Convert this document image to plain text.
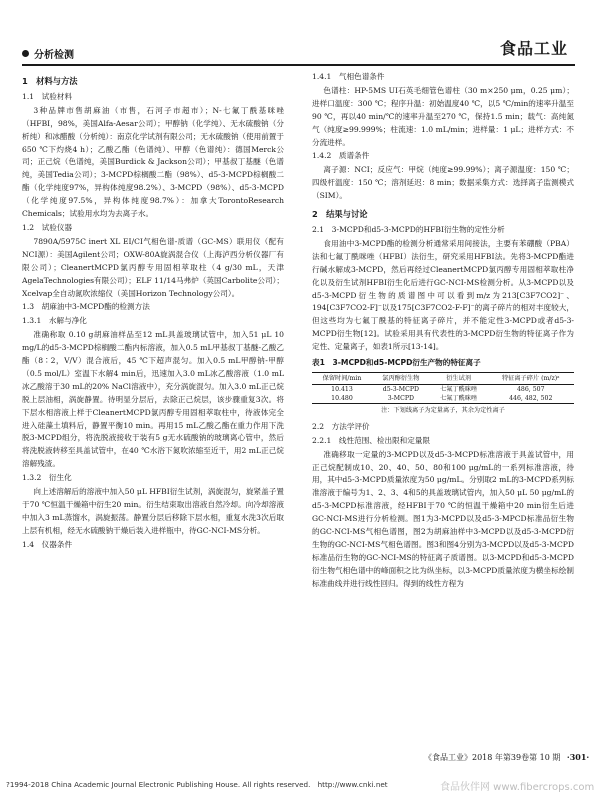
分析检测	食品工业
1　材料与方法
1.1　试验材料
3种品牌市售胡麻油（市售，石河子市超市）；N-七氟丁酰基咪唑（HFBI，98%，美国Alfa-Aesar公司）；甲醇钠（化学纯）、无水硫酸钠（分析纯）和冰醋酸（分析纯）：南京化学试剂有限公司；无水硫酸钠（使用前置于650 ℃下灼烧4 h）；乙酸乙酯（色谱纯）、甲醇（色谱纯）：德国Merck公司；正己烷（色谱纯，美国Burdick & Jackson公司）；甲基叔丁基醚（色谱纯，美国Tedia公司）；3-MCPD棕榈酸二酯（98%）、d5-3-MCPD棕榈酸二酯（化学纯度97%，异构体纯度98.2%）、3-MCPD（98%）、d5-3-MCPD（化学纯度97.5%，异构体纯度98.7%）：加拿大TorontoResearch Chemicals；试验用水均为去离子水。
1.2　试验仪器
7890A/5975C inert XL EI/CI气相色谱-质谱（GC-MS）联用仪（配有NCI源）：美国Agilent公司；OXW-80A旋涡混合仪（上海泸西分析仪器厂有限公司）；CleanertMCPD氯丙醇专用固相萃取柱（4 g/30 mL，天津AgelaTechnologies有限公司）；ELF 11/14马弗炉（英国Carbolite公司）；Xcelvap全自动氮吹浓缩仪（美国Horizon Technology公司）。
1.3　胡麻油中3-MCPD酯的检测方法
1.3.1　水解与净化
准确称取 0.10 g胡麻油样品至12 mL具盖玻璃试管中，加入51 μL 10 mg/L的d5-3-MCPD棕榈酸二酯内标溶液，加入0.5 mL甲基叔丁基醚-乙酸乙酯（8∶2，V/V）混合液后，45 ℃下超声混匀。加入0.5 mL甲醇钠-甲醇（0.5 mol/L）室温下水解4 min后，迅速加入3.0 mL冰乙酸溶液（1.0 mL冰乙酸溶于30 mL的20% NaCl溶液中），充分涡旋混匀。加入3.0 mL正己烷脱上层油相，涡旋静置。待明显分层后，去除正己烷层，该步骤重复3次。将下层水相溶液上样于CleanertMCPD氯丙醇专用固相萃取柱中，待液体完全进入硅藻土填料后，静置平衡10 min。再用15 mL乙酸乙酯在重力作用下洗脱3-MCPD组分，将洗脱液接收于装有5 g无水硫酸钠的玻璃离心管中，然后将洗脱液转移至具盖试管中，在40 ℃水浴下氮吹浓缩至近干，用2 mL正己烷溶解残渣。
1.3.2　衍生化
向上述溶解后的溶液中加入50 μL HFBI衍生试剂，涡旋混匀，旋紧盖子置于70 ℃恒温干燥箱中衍生20 min。衍生结束取出溶液自然冷却。向冷却溶液中加入3 mL蒸馏水，涡旋振荡。静置分层后移除下层水相，重复水洗3次后取上层有机相，经无水硫酸钠干燥后装入进样瓶中，待GC-NCI-MS分析。
1.4　仪器条件
1.4.1　气相色谱条件
色谱柱：HP-5MS UI石英毛细管色谱柱（30 m×250 μm，0.25 μm）；进样口温度：300 ℃；程序升温：初始温度40 ℃，以5 ℃/min的速率升温至90 ℃，再以40 min/℃的速率升温至270 ℃，保持1.5 min；载气：高纯氮气（纯度≥99.999%；柱流速：1.0 mL/min；进样量：1 μL；进样方式：不分流进样。
1.4.2　质谱条件
离子源：NCI；反应气：甲烷（纯度≥99.99%）；离子源温度：150 ℃；四级杆温度：150 ℃；溶剂延迟：8 min；数据采集方式：选择离子监测模式（SIM）。
2　结果与讨论
2.1　3-MCPD和d5-3-MCPD的HFBI衍生物的定性分析
食用油中3-MCPD酯的检测分析通常采用间接法，主要有苯硼酸（PBA）法和七氟丁酰咪唑（HFBI）法衍生，研究采用HFBI法。先将3-MCPD酯进行碱水解成3-MCPD，然后再经过CleanertMCPD氯丙醇专用固相萃取柱净化以及衍生试剂HFBI衍生化后进行GC-NCI-MS检测分析。从3-MCPD以及d5-3-MCPD衍生物的质谱图中可以看到m/z为213[C3F7CO2]⁻、194[C3F7CO2-F]⁻以及175[C3F7CO2-F-F]⁻的离子碎片的相对丰度较大，但这些均为七氟丁酰基的特征离子碎片，并不能定性3-MCPD或者d5-3-MCPD衍生物[12]。试验采用具有代表性的3-MCPD衍生物的特征离子作为定性、定量离子，如表1所示[13-14]。
表1　3-MCPD和d5-MCPD衍生产物的特征离子
保留时间/min	氯丙醇衍生物	衍生试剂	特征离子碎片 (m/z)ᵃ
10.413	d5-3-MCPD	七氟丁酰咪唑	486, 507
10.480	3-MCPD	七氟丁酰咪唑	446, 482, 502
注：下划线离子为定量离子，其余为定性离子
2.2　方法学评价
2.2.1　线性范围、检出限和定量限
准确移取一定量的3-MCPD以及d5-3-MCPD标准溶液于具盖试管中，用正己烷配制成10、20、40、50、80和100 μg/mL的一系列标准溶液，待用，其中d5-3-MCPD质量浓度为50 μg/mL。分别取2 mL的3-MCPD系列标准溶液于编号为1、2、3、4和5的具盖玻璃试管内，加入50 μL 50 μg/mL的d5-3-MCPD标准溶液，经HFBI于70 ℃的恒温干燥箱中20 min衍生后进GC-NCI-MS进行分析检测。图1为3-MCPD以及d5-3-MPCD标准品衍生物的GC-NCI-MS气相色谱图，图2为胡麻油样中3-MCPD以及d5-3-MCPD衍生物的GC-NCI-MS气相色谱图。图3和图4分别为3-MCPD以及d5-3-MCPD标准品衍生物的GC-NCI-MS的特征离子质谱图。以3-MCPD和d5-3-MCPD衍生物气相色谱中的峰面积之比为纵坐标，以3-MCPD质量浓度为横坐标绘制标准曲线并进行线性回归。得到的线性方程为
《食品工业》2018 年第39卷第 10 期 ·301·
?1994-2018 China Academic Journal Electronic Publishing House. All rights reserved.　http://www.cnki.net	食品伙伴网 www.fibercrops.com
